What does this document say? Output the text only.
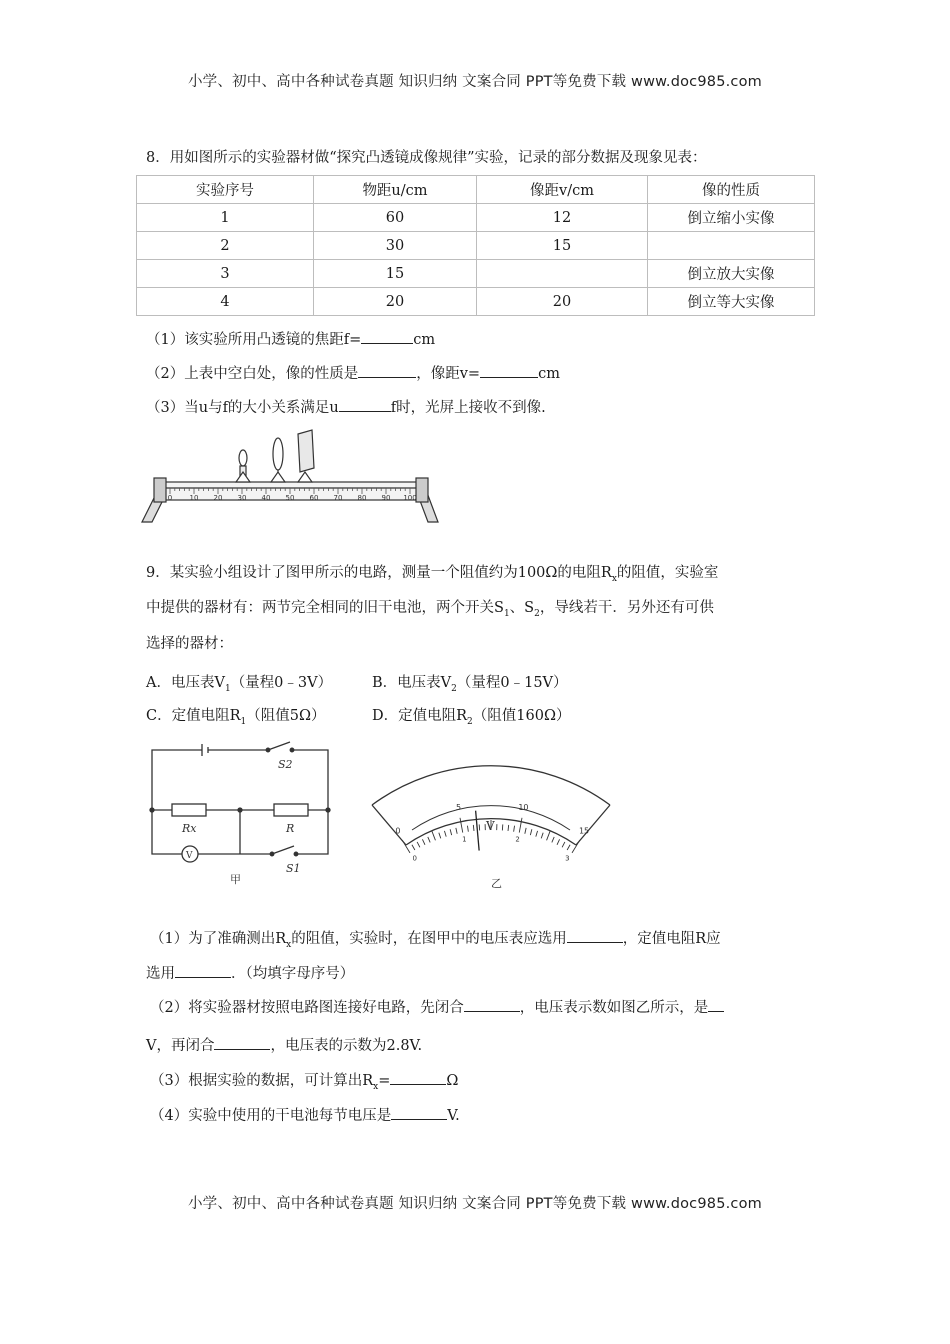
小学、初中、高中各种试卷真题 知识归纳 文案合同 PPT等免费下载 www.doc985.com
8．用如图所示的实验器材做“探究凸透镜成像规律”实验，记录的部分数据及现象见表：
实验序号	物距u/cm	像距v/cm	像的性质
1	60	12	倒立缩小实像
2	30	15	
3	15		倒立放大实像
4	20	20	倒立等大实像
（1）该实验所用凸透镜的焦距f=	cm
（2）上表中空白处，像的性质是	，像距v=	cm
（3）当u与f的大小关系满足u	f时，光屏上接收不到像.
0 10 20 30 40 50 60 70 80 90 100
9．某实验小组设计了图甲所示的电路，测量一个阻值约为100Ω的电阻$R_x$的阻值，实验室
中提供的器材有：两节完全相同的旧干电池，两个开关$S_1$、$S_2$，导线若干．另外还有可供
选择的器材：
A．电压表$V_1$（量程0﹣3V）	B．电压表$V_2$（量程0﹣15V）
C．定值电阻$R_1$（阻值5Ω）	D．定值电阻$R_2$（阻值160Ω）
Rx	R
S2
S1
V
甲
0
5	10
15
0
1	2
3
V
乙
（1）为了准确测出$R_x$的阻值，实验时，在图甲中的电压表应选用	，定值电阻R应
选用	．（均填字母序号）
（2）将实验器材按照电路图连接好电路，先闭合	，电压表示数如图乙所示，是
V，再闭合	，电压表的示数为2.8V.
（3）根据实验的数据，可计算出$R_x=$	Ω
（4）实验中使用的干电池每节电压是	V.
小学、初中、高中各种试卷真题 知识归纳 文案合同 PPT等免费下载 www.doc985.com
